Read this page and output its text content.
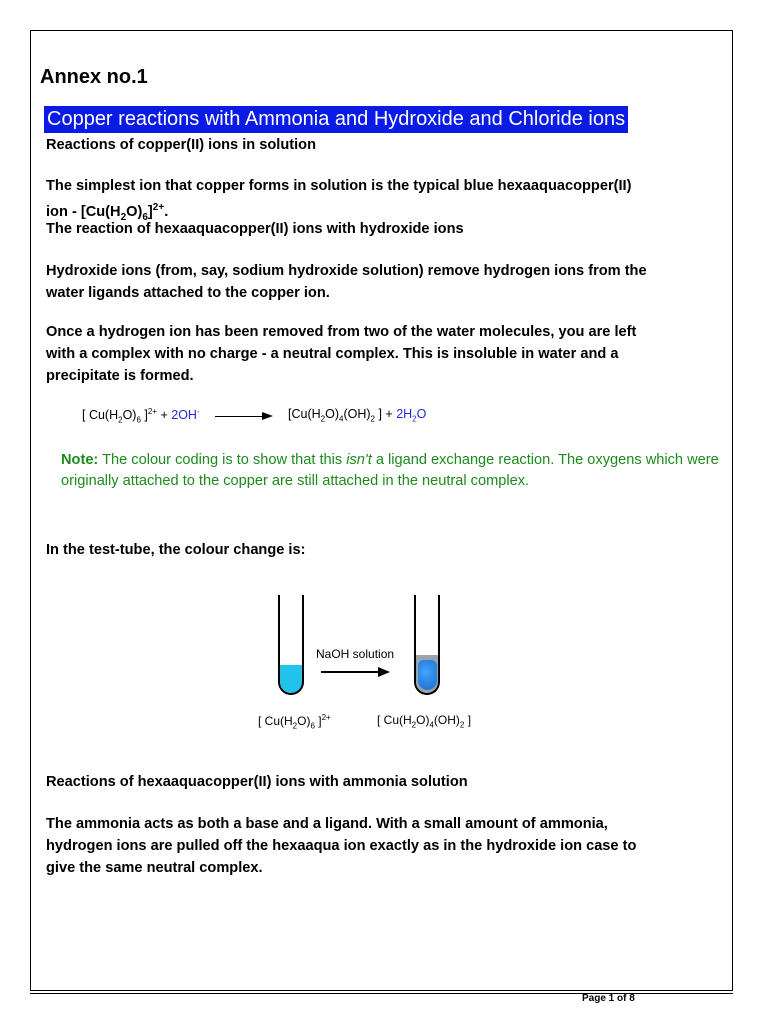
Annex no.1
Copper reactions with Ammonia and Hydroxide and Chloride ions
Reactions of copper(II) ions in solution
The simplest ion that copper forms in solution is the typical blue hexaaquacopper(II)
ion - $[Cu(H_2O)_6]^{2+}$.
The reaction of hexaaquacopper(II) ions with hydroxide ions
Hydroxide ions (from, say, sodium hydroxide solution) remove hydrogen ions from the
water ligands attached to the copper ion.
Once a hydrogen ion has been removed from two of the water molecules, you are left
with a complex with no charge - a neutral complex. This is insoluble in water and a
precipitate is formed.
[ $Cu(H_2O)_6$ ]$^{2+}$ + 2OH-	[$Cu(H_2O)_4(OH)_2$ ] + $2H_2O$
Note: The colour coding is to show that this isn't a ligand exchange reaction. The oxygens which were originally attached to the copper are still attached in the neutral complex.
In the test-tube, the colour change is:
NaOH solution
[ $Cu(H_2O)_6$ ]$^{2+}$	[ $Cu(H_2O)_4(OH)_2$ ]
Reactions of hexaaquacopper(II) ions with ammonia solution
The ammonia acts as both a base and a ligand. With a small amount of ammonia,
hydrogen ions are pulled off the hexaaqua ion exactly as in the hydroxide ion case to
give the same neutral complex.
Page 1 of 8
